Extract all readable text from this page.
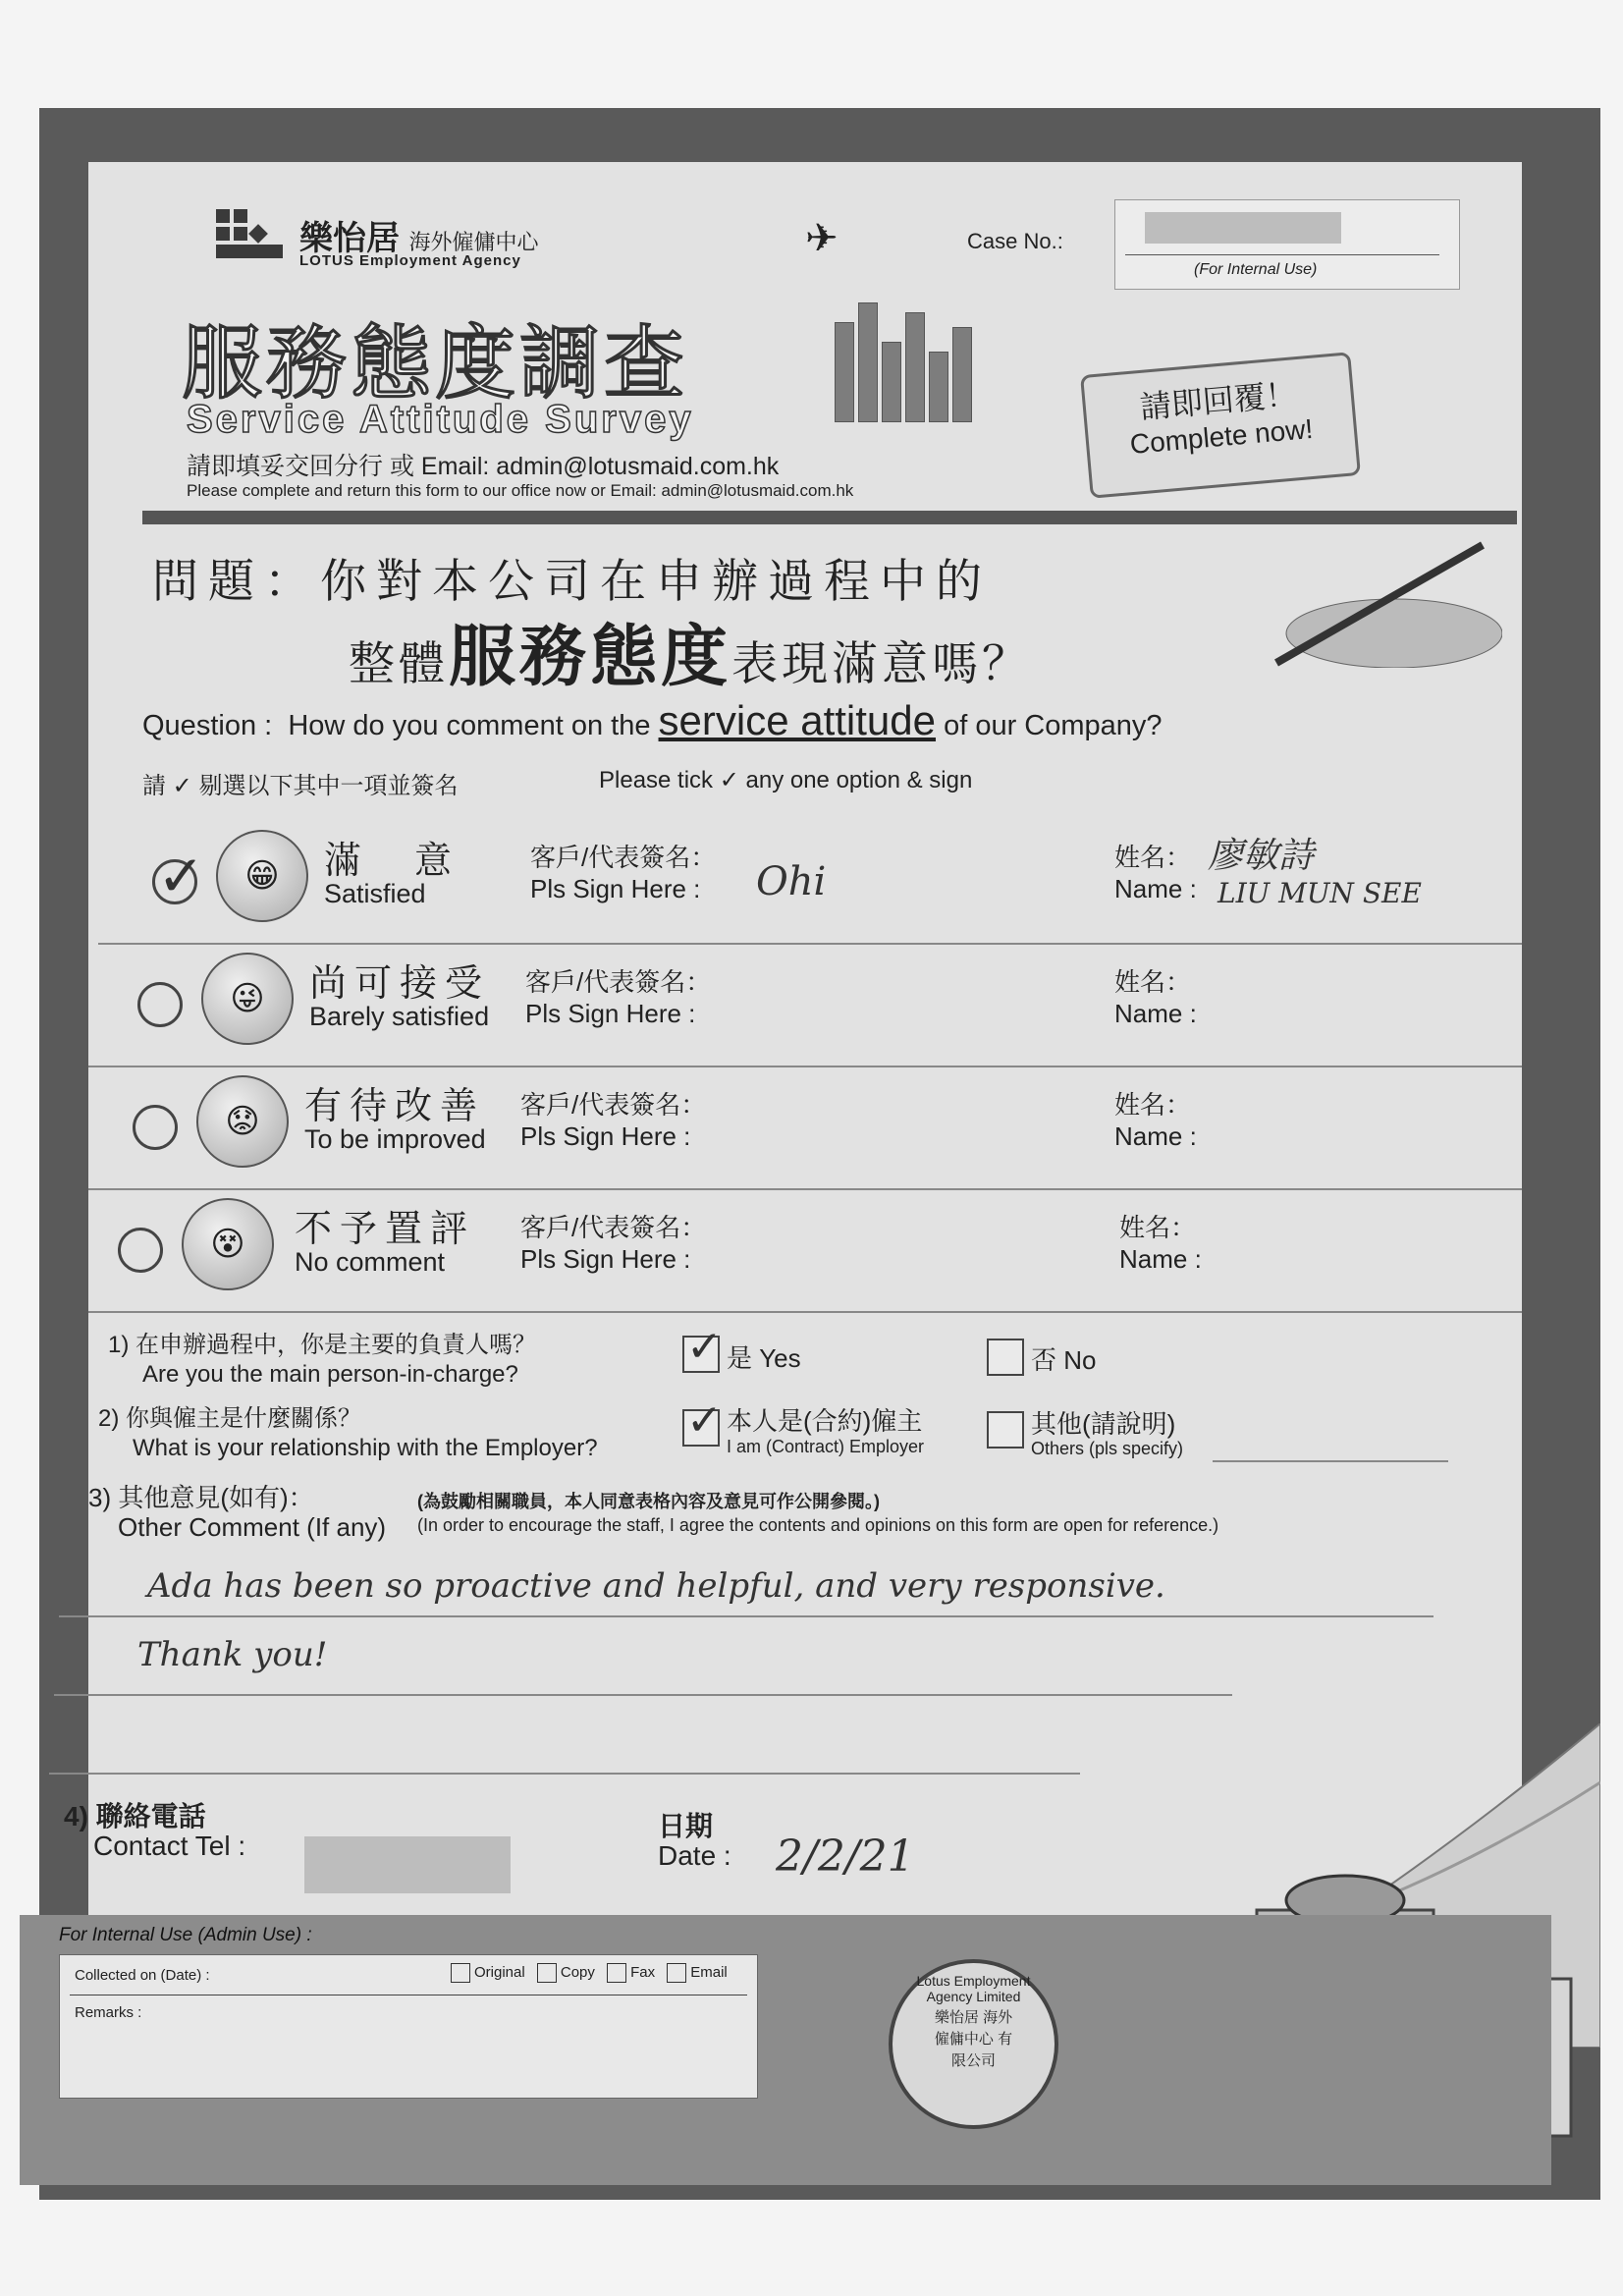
樂怡居 海外僱傭中心
LOTUS Employment Agency
✈	Case No.:
(For Internal Use)
服務態度調查
Service Attitude Survey	請即回覆！
Complete now!
請即填妥交回分行 或 Email: admin@lotusmaid.com.hk
Please complete and return this form to our office now or Email: admin@lotusmaid.com.hk
問題：你對本公司在申辦過程中的
整體服務態度表現滿意嗎？
Question : How do you comment on the service attitude of our Company?
請 ✓ 剔選以下其中一項並簽名	Please tick ✓ any one option & sign
✓
😁	滿　意
Satisfied
客戶/代表簽名：
Pls Sign Here : Ohi
姓名：
Name :
廖敏詩
LIU MUN SEE
😜	尚可接受
Barely satisfied
客戶/代表簽名：
Pls Sign Here :
姓名：
Name :
😟	有待改善
To be improved
客戶/代表簽名：
Pls Sign Here :
姓名：
Name :
😵	不予置評
No comment
客戶/代表簽名：
Pls Sign Here :
姓名：
Name :
1) 在申辦過程中，你是主要的負責人嗎？
Are you the main person-in-charge?
✓
是 Yes	否 No
2) 你與僱主是什麼關係？
What is your relationship with the Employer?
✓
本人是(合約)僱主
I am (Contract) Employer
其他(請說明)
Others (pls specify)
3) 其他意見(如有)：
Other Comment (If any)
(為鼓勵相關職員，本人同意表格內容及意見可作公開參閱。)
(In order to encourage the staff, I agree the contents and opinions on this form are open for reference.)
Ada has been so proactive and helpful, and very responsive.
Thank you!
4) 聯絡電話
Contact Tel :
日期
Date : 2/2/21
For Internal Use (Admin Use) :
Collected on (Date) :	Original Copy Fax Email
Remarks :
Lotus Employment Agency Limited
樂怡居 海外僱傭中心 有限公司
